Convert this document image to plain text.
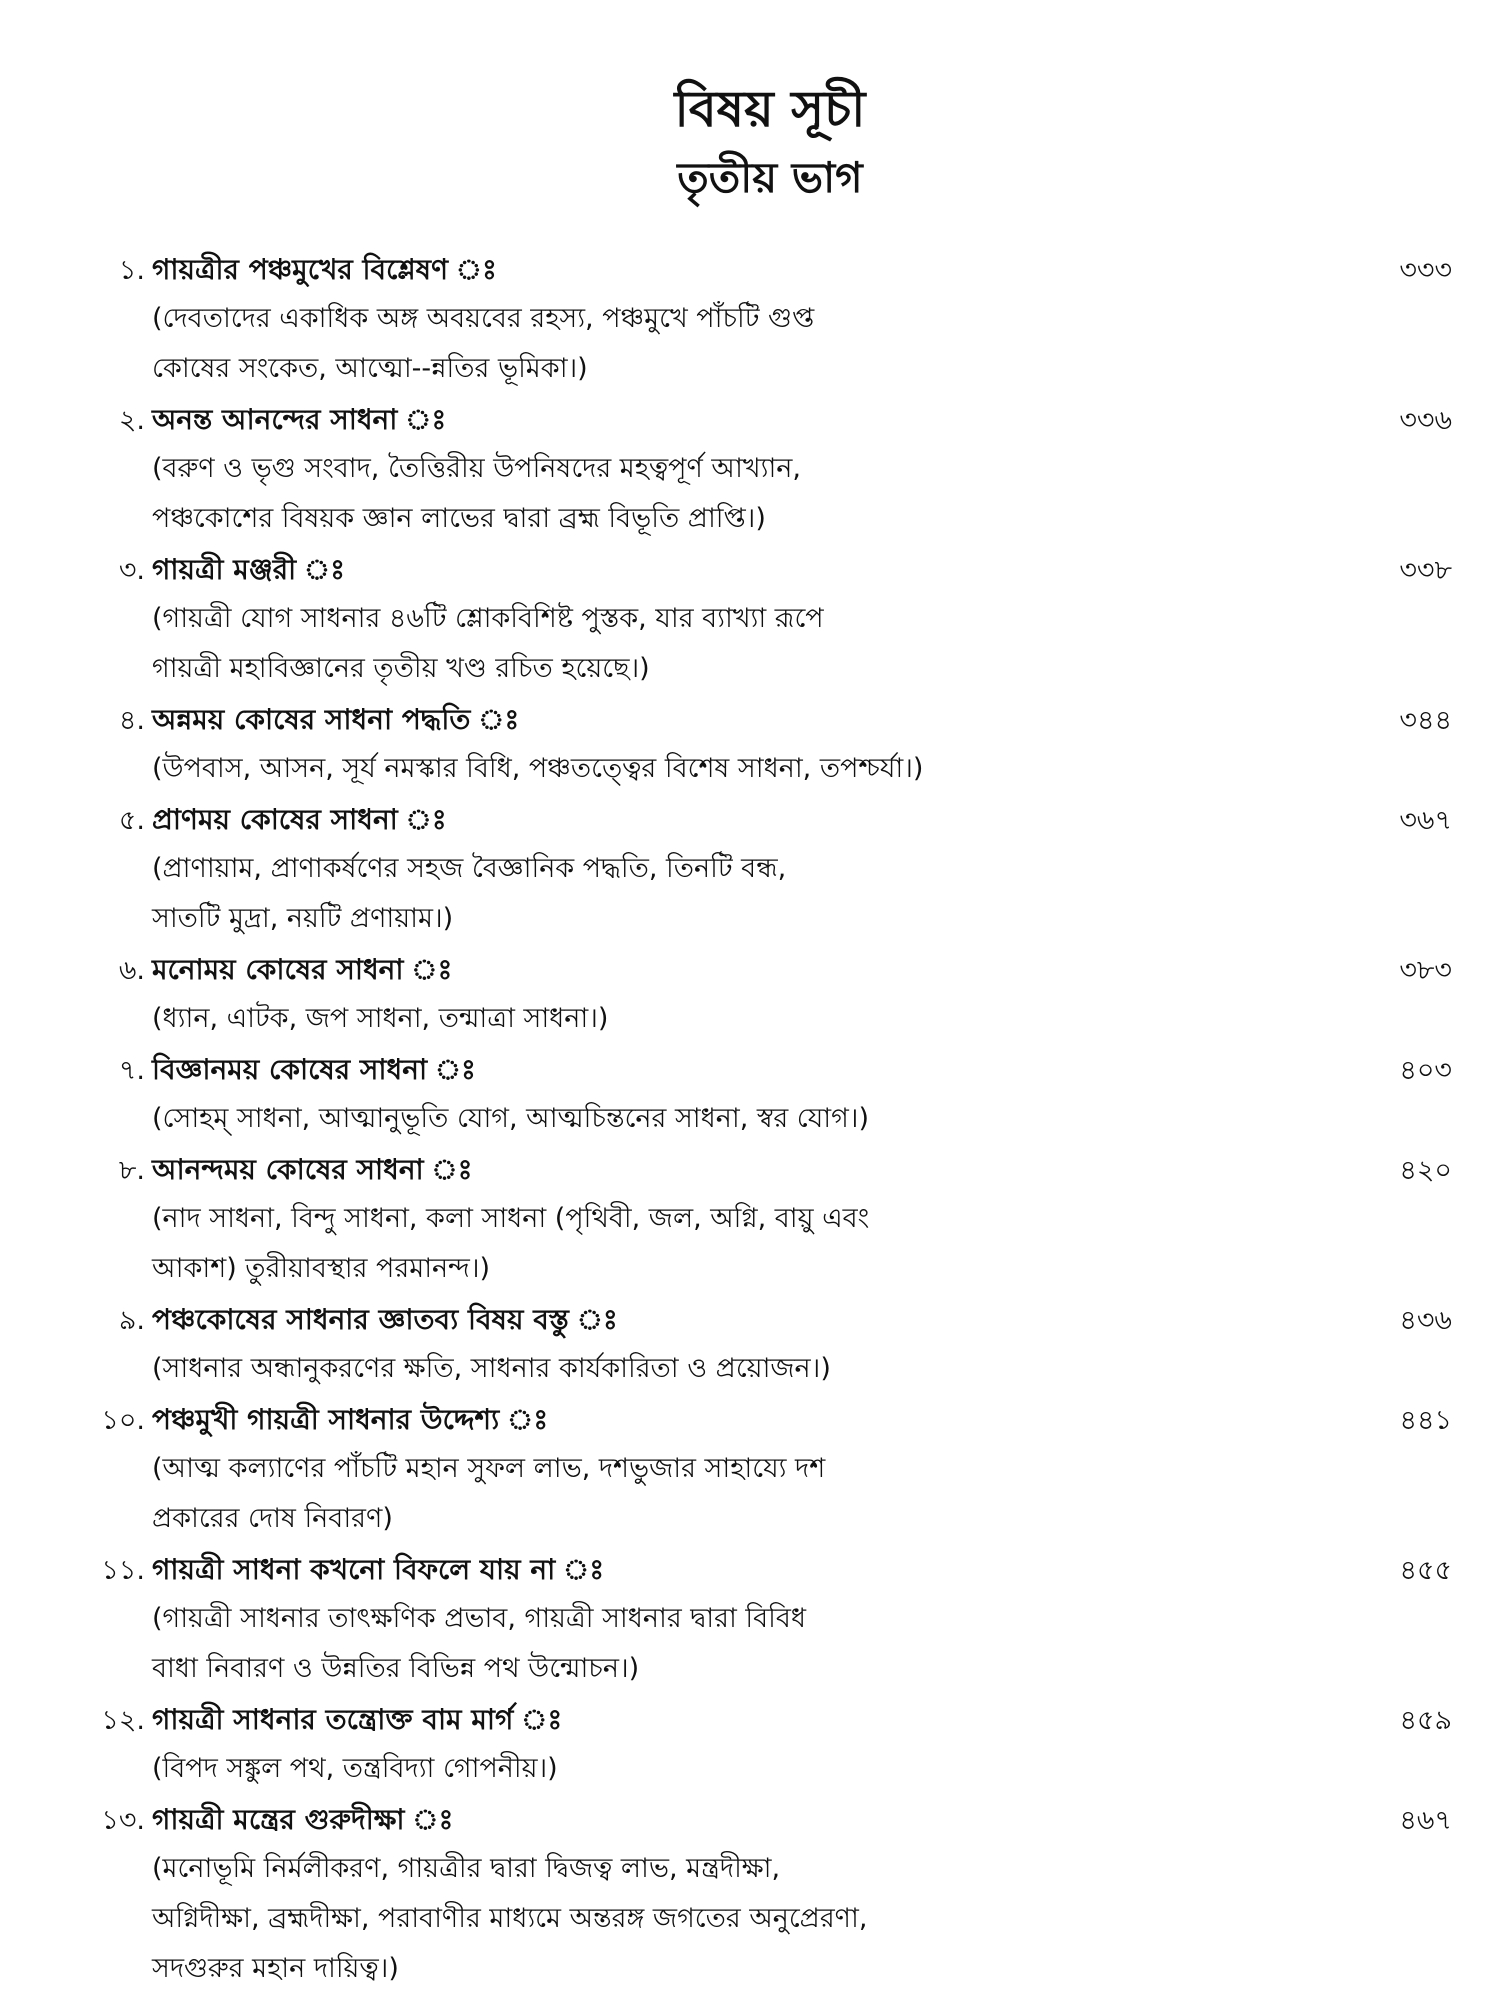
বিষয় সূচী
তৃতীয় ভাগ
১. গায়ত্রীর পঞ্চমুখের বিশ্লেষণ ঃ	৩৩৩
(দেবতাদের একাধিক অঙ্গ অবয়বের রহস্য, পঞ্চমুখে পাঁচটি গুপ্ত
কোষের সংকেত, আত্মো--ন্নতির ভূমিকা।)
২. অনন্ত আনন্দের সাধনা ঃ	৩৩৬
(বরুণ ও ভৃগু সংবাদ, তৈত্তিরীয় উপনিষদের মহত্বপূর্ণ আখ্যান,
পঞ্চকোশের বিষয়ক জ্ঞান লাভের দ্বারা ব্রহ্ম বিভূতি প্রাপ্তি।)
৩. গায়ত্রী মঞ্জরী ঃ	৩৩৮
(গায়ত্রী যোগ সাধনার ৪৬টি শ্লোকবিশিষ্ট পুস্তক, যার ব্যাখ্যা রূপে
গায়ত্রী মহাবিজ্ঞানের তৃতীয় খণ্ড রচিত হয়েছে।)
৪. অন্নময় কোষের সাধনা পদ্ধতি ঃ	৩৪৪
(উপবাস, আসন, সূর্য নমস্কার বিধি, পঞ্চতত্ত্বের বিশেষ সাধনা, তপশ্চর্যা।)
৫. প্রাণময় কোষের সাধনা ঃ	৩৬৭
(প্রাণায়াম, প্রাণাকর্ষণের সহজ বৈজ্ঞানিক পদ্ধতি, তিনটি বন্ধ,
সাতটি মুদ্রা, নয়টি প্রণায়াম।)
৬. মনোময় কোষের সাধনা ঃ	৩৮৩
(ধ্যান, এাটক, জপ সাধনা, তন্মাত্রা সাধনা।)
৭. বিজ্ঞানময় কোষের সাধনা ঃ	৪০৩
(সোহম্ সাধনা, আত্মানুভূতি যোগ, আত্মচিন্তনের সাধনা, স্বর যোগ।)
৮. আনন্দময় কোষের সাধনা ঃ	৪২০
(নাদ সাধনা, বিন্দু সাধনা, কলা সাধনা (পৃথিবী, জল, অগ্নি, বায়ু এবং
আকাশ) তুরীয়াবস্থার পরমানন্দ।)
৯. পঞ্চকোষের সাধনার জ্ঞাতব্য বিষয় বস্তু ঃ	৪৩৬
(সাধনার অন্ধানুকরণের ক্ষতি, সাধনার কার্যকারিতা ও প্রয়োজন।)
১০. পঞ্চমুখী গায়ত্রী সাধনার উদ্দেশ্য ঃ	৪৪১
(আত্ম কল্যাণের পাঁচটি মহান সুফল লাভ, দশভুজার সাহায্যে দশ
প্রকারের দোষ নিবারণ)
১১. গায়ত্রী সাধনা কখনো বিফলে যায় না ঃ	৪৫৫
(গায়ত্রী সাধনার তাৎক্ষণিক প্রভাব, গায়ত্রী সাধনার দ্বারা বিবিধ
বাধা নিবারণ ও উন্নতির বিভিন্ন পথ উন্মোচন।)
১২. গায়ত্রী সাধনার তন্ত্রোক্ত বাম মার্গ ঃ	৪৫৯
(বিপদ সঙ্কুল পথ, তন্ত্রবিদ্যা গোপনীয়।)
১৩. গায়ত্রী মন্ত্রের গুরুদীক্ষা ঃ	৪৬৭
(মনোভূমি নির্মলীকরণ, গায়ত্রীর দ্বারা দ্বিজত্ব লাভ, মন্ত্রদীক্ষা,
অগ্নিদীক্ষা, ব্রহ্মদীক্ষা, পরাবাণীর মাধ্যমে অন্তরঙ্গ জগতের অনুপ্রেরণা,
সদগুরুর মহান দায়িত্ব।)
